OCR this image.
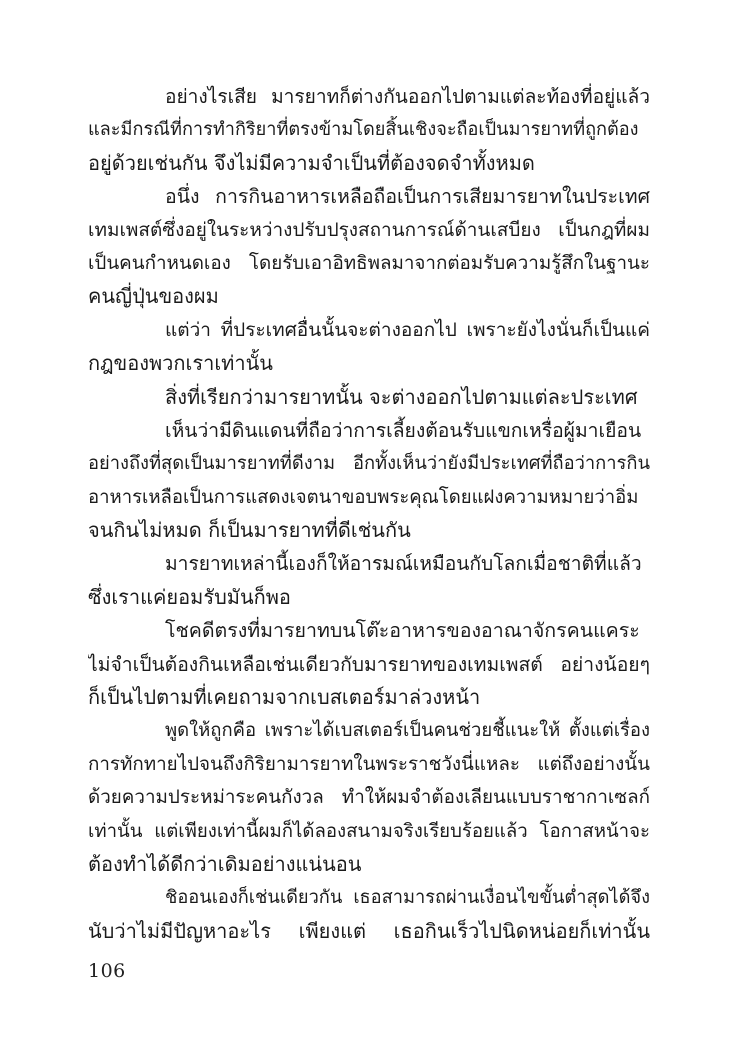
อย่างไรเสีย มารยาทก็ต่างกันออกไปตามแต่ละท้องที่อยู่แล้ว
และมีกรณีที่การทำกิริยาที่ตรงข้ามโดยสิ้นเชิงจะถือเป็นมารยาทที่ถูกต้อง
อยู่ด้วยเช่นกัน จึงไม่มีความจำเป็นที่ต้องจดจำทั้งหมด
อนึ่ง การกินอาหารเหลือถือเป็นการเสียมารยาทในประเทศ
เทมเพสต์ซึ่งอยู่ในระหว่างปรับปรุงสถานการณ์ด้านเสบียง เป็นกฎที่ผม
เป็นคนกำหนดเอง โดยรับเอาอิทธิพลมาจากต่อมรับความรู้สึกในฐานะ
คนญี่ปุ่นของผม
แต่ว่า ที่ประเทศอื่นนั้นจะต่างออกไป เพราะยังไงนั่นก็เป็นแค่
กฎของพวกเราเท่านั้น
สิ่งที่เรียกว่ามารยาทนั้น จะต่างออกไปตามแต่ละประเทศ
เห็นว่ามีดินแดนที่ถือว่าการเลี้ยงต้อนรับแขกเหรื่อผู้มาเยือน
อย่างถึงที่สุดเป็นมารยาทที่ดีงาม อีกทั้งเห็นว่ายังมีประเทศที่ถือว่าการกิน
อาหารเหลือเป็นการแสดงเจตนาขอบพระคุณโดยแฝงความหมายว่าอิ่ม
จนกินไม่หมด ก็เป็นมารยาทที่ดีเช่นกัน
มารยาทเหล่านี้เองก็ให้อารมณ์เหมือนกับโลกเมื่อชาติที่แล้ว
ซึ่งเราแค่ยอมรับมันก็พอ
โชคดีตรงที่มารยาทบนโต๊ะอาหารของอาณาจักรคนแคระ
ไม่จำเป็นต้องกินเหลือเช่นเดียวกับมารยาทของเทมเพสต์ อย่างน้อยๆ
ก็เป็นไปตามที่เคยถามจากเบสเตอร์มาล่วงหน้า
พูดให้ถูกคือ เพราะได้เบสเตอร์เป็นคนช่วยชี้แนะให้ ตั้งแต่เรื่อง
การทักทายไปจนถึงกิริยามารยาทในพระราชวังนี่แหละ แต่ถึงอย่างนั้น
ด้วยความประหม่าระคนกังวล ทำให้ผมจำต้องเลียนแบบราชากาเซลก์
เท่านั้น แต่เพียงเท่านี้ผมก็ได้ลองสนามจริงเรียบร้อยแล้ว โอกาสหน้าจะ
ต้องทำได้ดีกว่าเดิมอย่างแน่นอน
ชิออนเองก็เช่นเดียวกัน เธอสามารถผ่านเงื่อนไขขั้นต่ำสุดได้จึง
นับว่าไม่มีปัญหาอะไร เพียงแต่ เธอกินเร็วไปนิดหน่อยก็เท่านั้น
106
